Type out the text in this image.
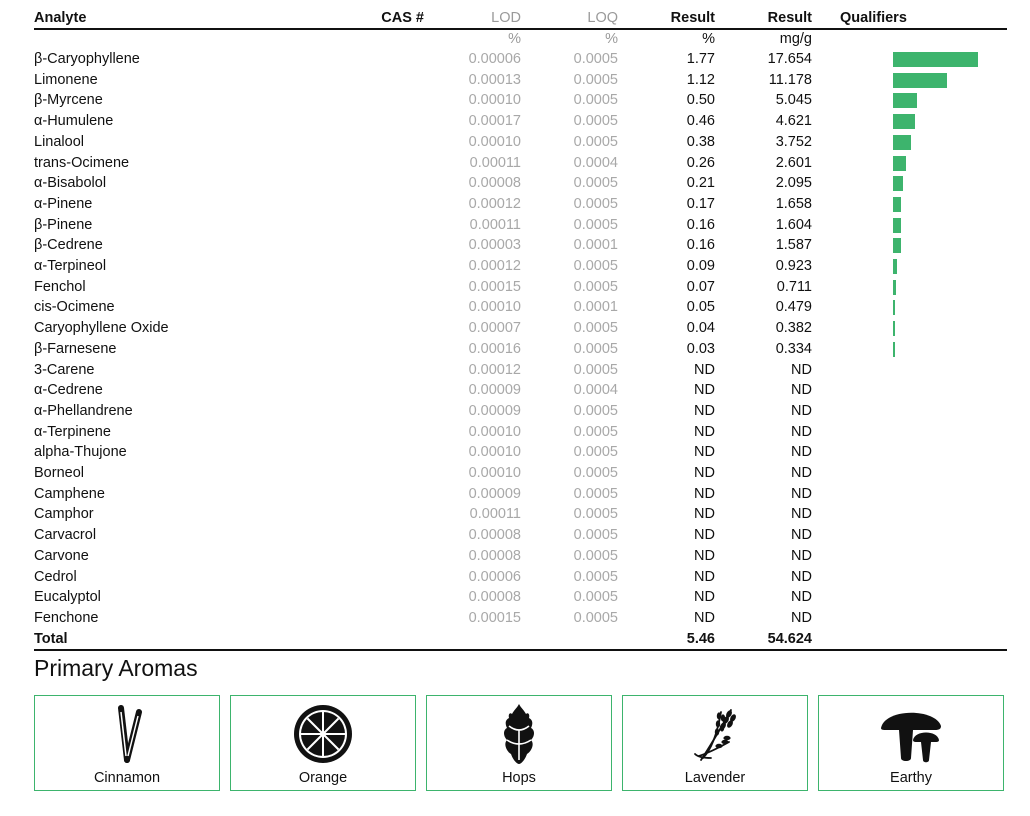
Analyte	CAS #	LOD	LOQ	Result	Result	Qualifiers
		%	%	%	mg/g	
β-Caryophyllene		0.00006	0.0005	1.77	17.654	

Limonene		0.00013	0.0005	1.12	11.178	

β-Myrcene		0.00010	0.0005	0.50	5.045	

α-Humulene		0.00017	0.0005	0.46	4.621	

Linalool		0.00010	0.0005	0.38	3.752	

trans-Ocimene		0.00011	0.0004	0.26	2.601	

α-Bisabolol		0.00008	0.0005	0.21	2.095	

α-Pinene		0.00012	0.0005	0.17	1.658	

β-Pinene		0.00011	0.0005	0.16	1.604	

β-Cedrene		0.00003	0.0001	0.16	1.587	

α-Terpineol		0.00012	0.0005	0.09	0.923	

Fenchol		0.00015	0.0005	0.07	0.711	

cis-Ocimene		0.00010	0.0001	0.05	0.479	

Caryophyllene Oxide		0.00007	0.0005	0.04	0.382	

β-Farnesene		0.00016	0.0005	0.03	0.334	

3-Carene		0.00012	0.0005	ND	ND	
α-Cedrene		0.00009	0.0004	ND	ND	
α-Phellandrene		0.00009	0.0005	ND	ND	
α-Terpinene		0.00010	0.0005	ND	ND	
alpha-Thujone		0.00010	0.0005	ND	ND	
Borneol		0.00010	0.0005	ND	ND	
Camphene		0.00009	0.0005	ND	ND	
Camphor		0.00011	0.0005	ND	ND	
Carvacrol		0.00008	0.0005	ND	ND	
Carvone		0.00008	0.0005	ND	ND	
Cedrol		0.00006	0.0005	ND	ND	
Eucalyptol		0.00008	0.0005	ND	ND	
Fenchone		0.00015	0.0005	ND	ND	
Total				5.46	54.624	
Primary Aromas
Cinnamon	Orange	Hops	Lavender	Earthy
